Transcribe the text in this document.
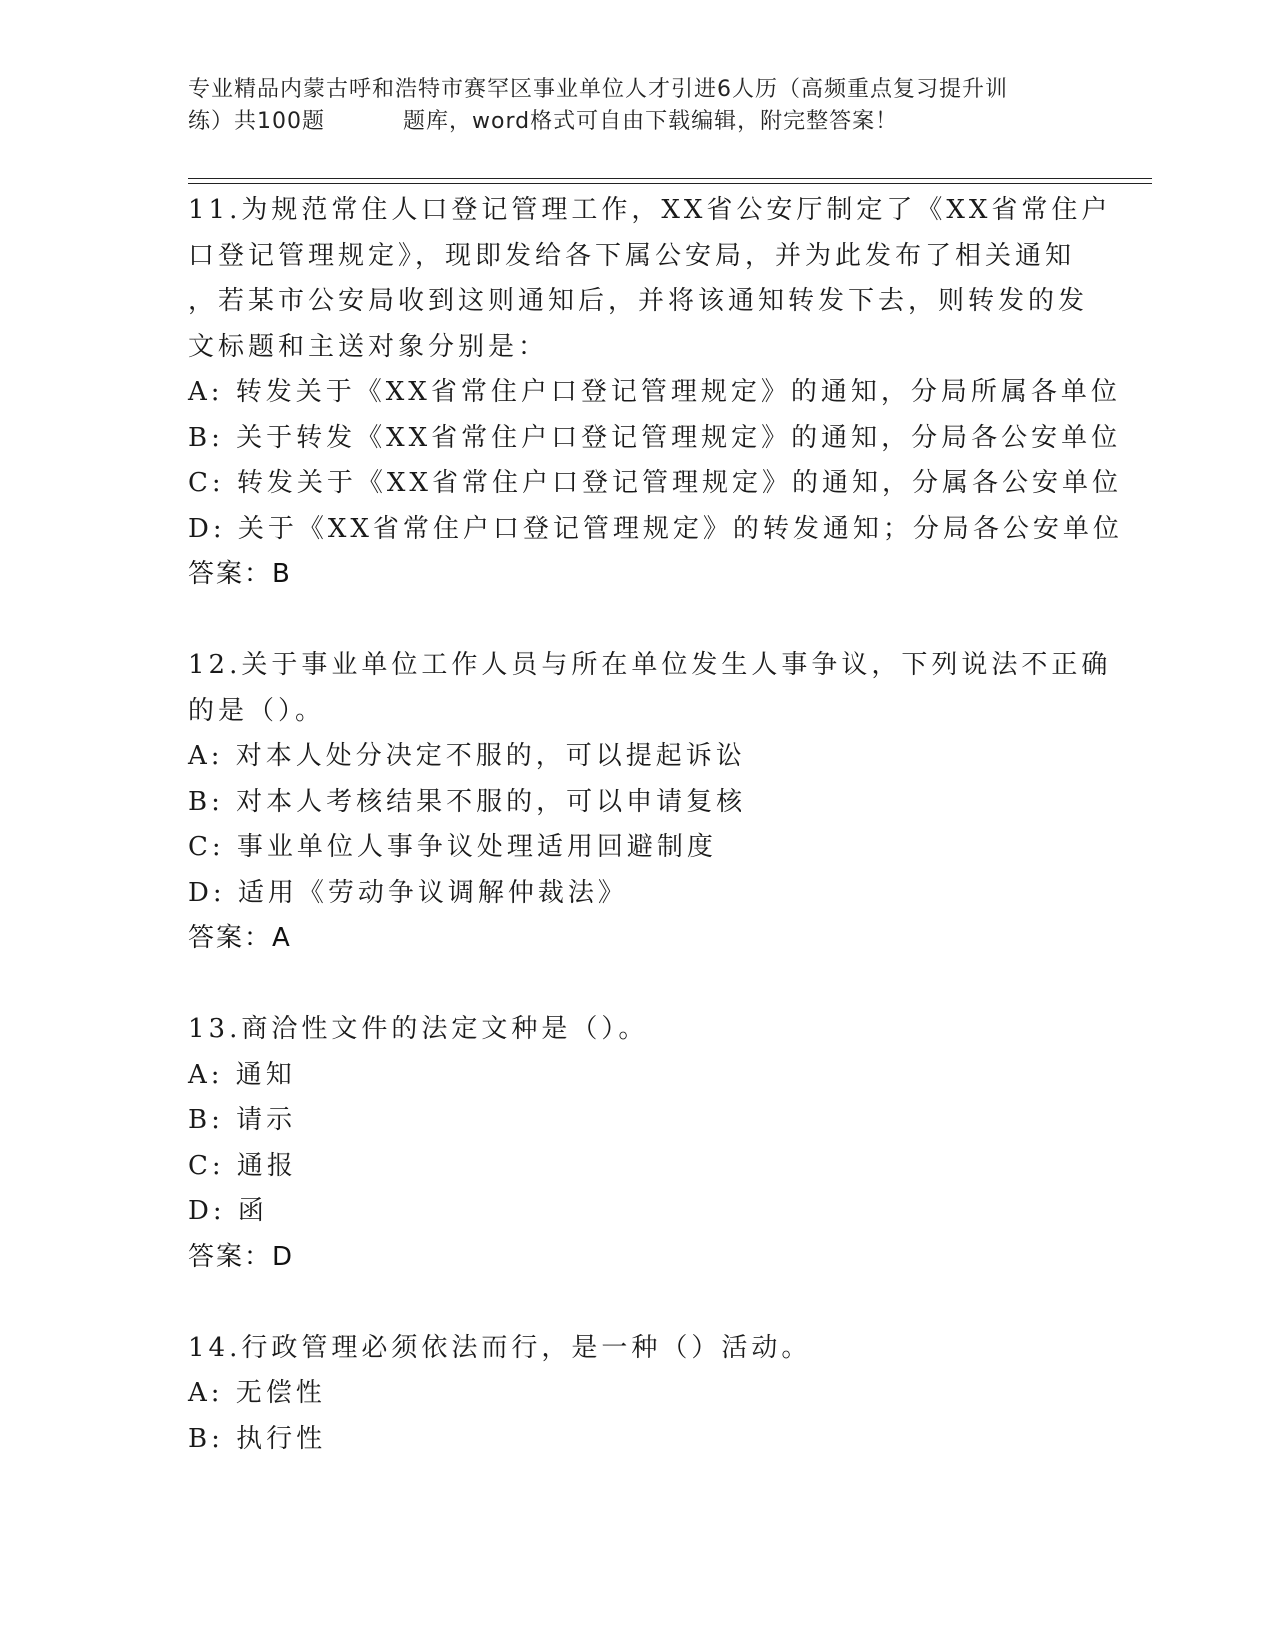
专业精品内蒙古呼和浩特市赛罕区事业单位人才引进6人历（高频重点复习提升训
练）共100题	题库，word格式可自由下载编辑，附完整答案！
11.为规范常住人口登记管理工作，XX省公安厅制定了《XX省常住户
口登记管理规定》，现即发给各下属公安局，并为此发布了相关通知
，若某市公安局收到这则通知后，并将该通知转发下去，则转发的发
文标题和主送对象分别是：
A: 转发关于《XX省常住户口登记管理规定》的通知，分局所属各单位
B: 关于转发《XX省常住户口登记管理规定》的通知，分局各公安单位
C: 转发关于《XX省常住户口登记管理规定》的通知，分属各公安单位
D: 关于《XX省常住户口登记管理规定》的转发通知；分局各公安单位
答案：B
12.关于事业单位工作人员与所在单位发生人事争议，下列说法不正确
的是（）。
A: 对本人处分决定不服的，可以提起诉讼
B: 对本人考核结果不服的，可以申请复核
C: 事业单位人事争议处理适用回避制度
D: 适用《劳动争议调解仲裁法》
答案：A
13.商洽性文件的法定文种是（）。
A: 通知
B: 请示
C: 通报
D: 函
答案：D
14.行政管理必须依法而行，是一种（）活动。
A: 无偿性
B: 执行性
